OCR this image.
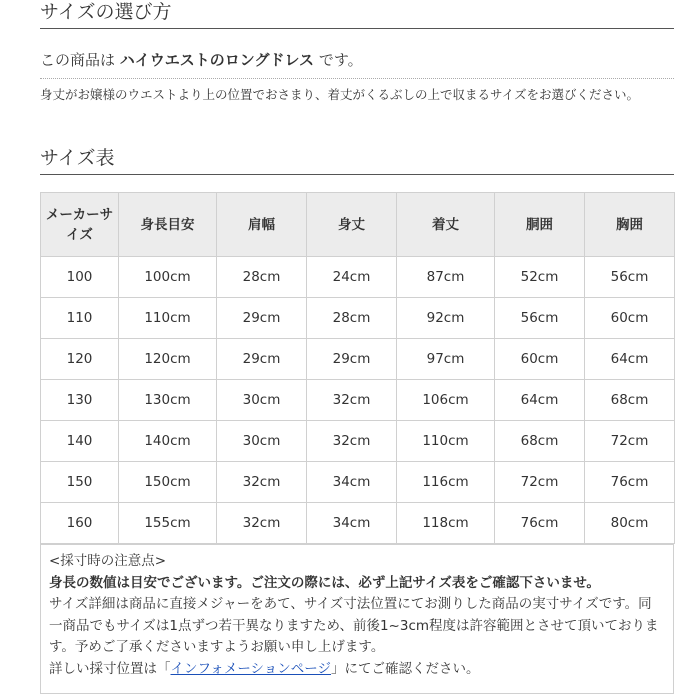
サイズの選び方
この商品は ハイウエストのロングドレス です。
身丈がお嬢様のウエストより上の位置でおさまり、着丈がくるぶしの上で収まるサイズをお選びください。
サイズ表
メーカーサイズ	身長目安	肩幅	身丈	着丈	胴囲	胸囲
100	100cm	28cm	24cm	87cm	52cm	56cm
110	110cm	29cm	28cm	92cm	56cm	60cm
120	120cm	29cm	29cm	97cm	60cm	64cm
130	130cm	30cm	32cm	106cm	64cm	68cm
140	140cm	30cm	32cm	110cm	68cm	72cm
150	150cm	32cm	34cm	116cm	72cm	76cm
160	155cm	32cm	34cm	118cm	76cm	80cm
<採寸時の注意点>
身長の数値は目安でございます。ご注文の際には、必ず上記サイズ表をご確認下さいませ。
サイズ詳細は商品に直接メジャーをあて、サイズ寸法位置にてお測りした商品の実寸サイズです。同一商品でもサイズは1点ずつ若干異なりますため、前後1~3cm程度は許容範囲とさせて頂いております。予めご了承くださいますようお願い申し上げます。
詳しい採寸位置は「インフォメーションページ」にてご確認ください。
